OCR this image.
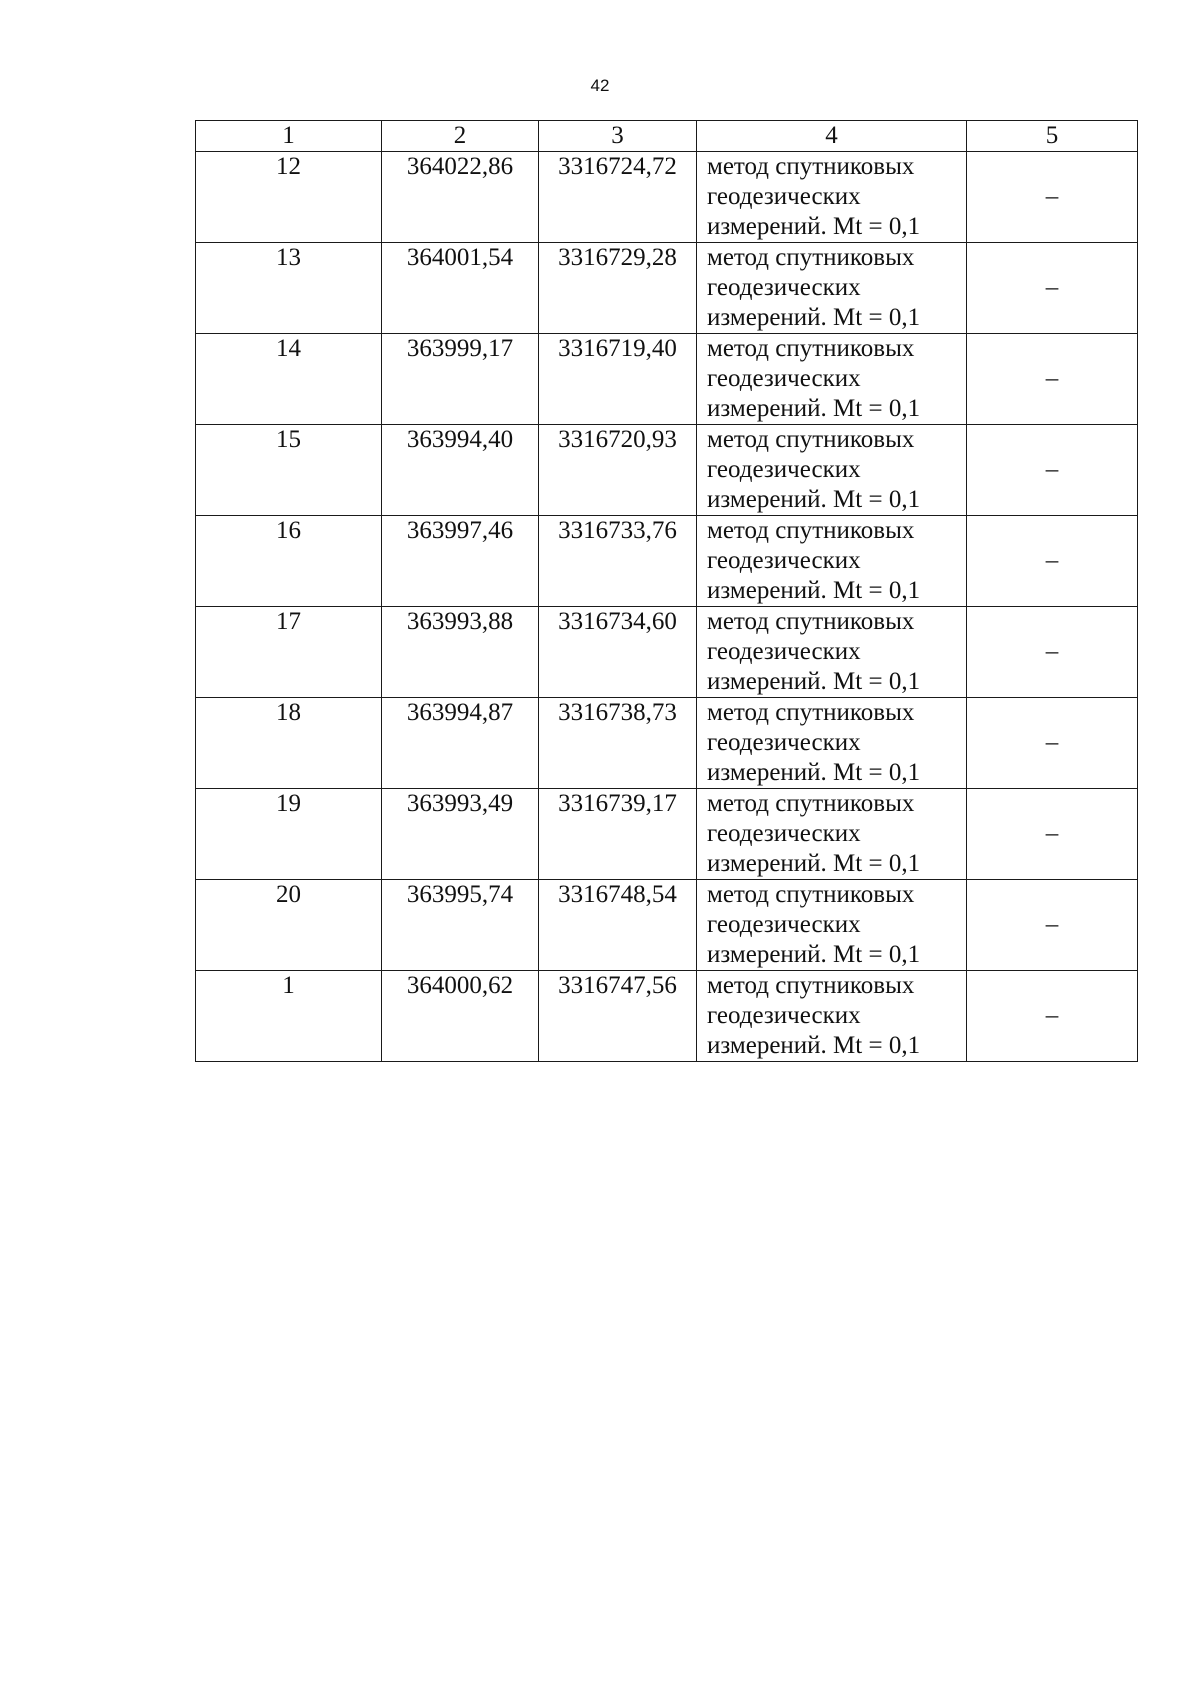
42
1	2	3	4	5
12	364022,86	3316724,72	метод спутниковых
геодезических
измерений. Mt = 0,1	–
13	364001,54	3316729,28	метод спутниковых
геодезических
измерений. Mt = 0,1	–
14	363999,17	3316719,40	метод спутниковых
геодезических
измерений. Mt = 0,1	–
15	363994,40	3316720,93	метод спутниковых
геодезических
измерений. Mt = 0,1	–
16	363997,46	3316733,76	метод спутниковых
геодезических
измерений. Mt = 0,1	–
17	363993,88	3316734,60	метод спутниковых
геодезических
измерений. Mt = 0,1	–
18	363994,87	3316738,73	метод спутниковых
геодезических
измерений. Mt = 0,1	–
19	363993,49	3316739,17	метод спутниковых
геодезических
измерений. Mt = 0,1	–
20	363995,74	3316748,54	метод спутниковых
геодезических
измерений. Mt = 0,1	–
1	364000,62	3316747,56	метод спутниковых
геодезических
измерений. Mt = 0,1	–
